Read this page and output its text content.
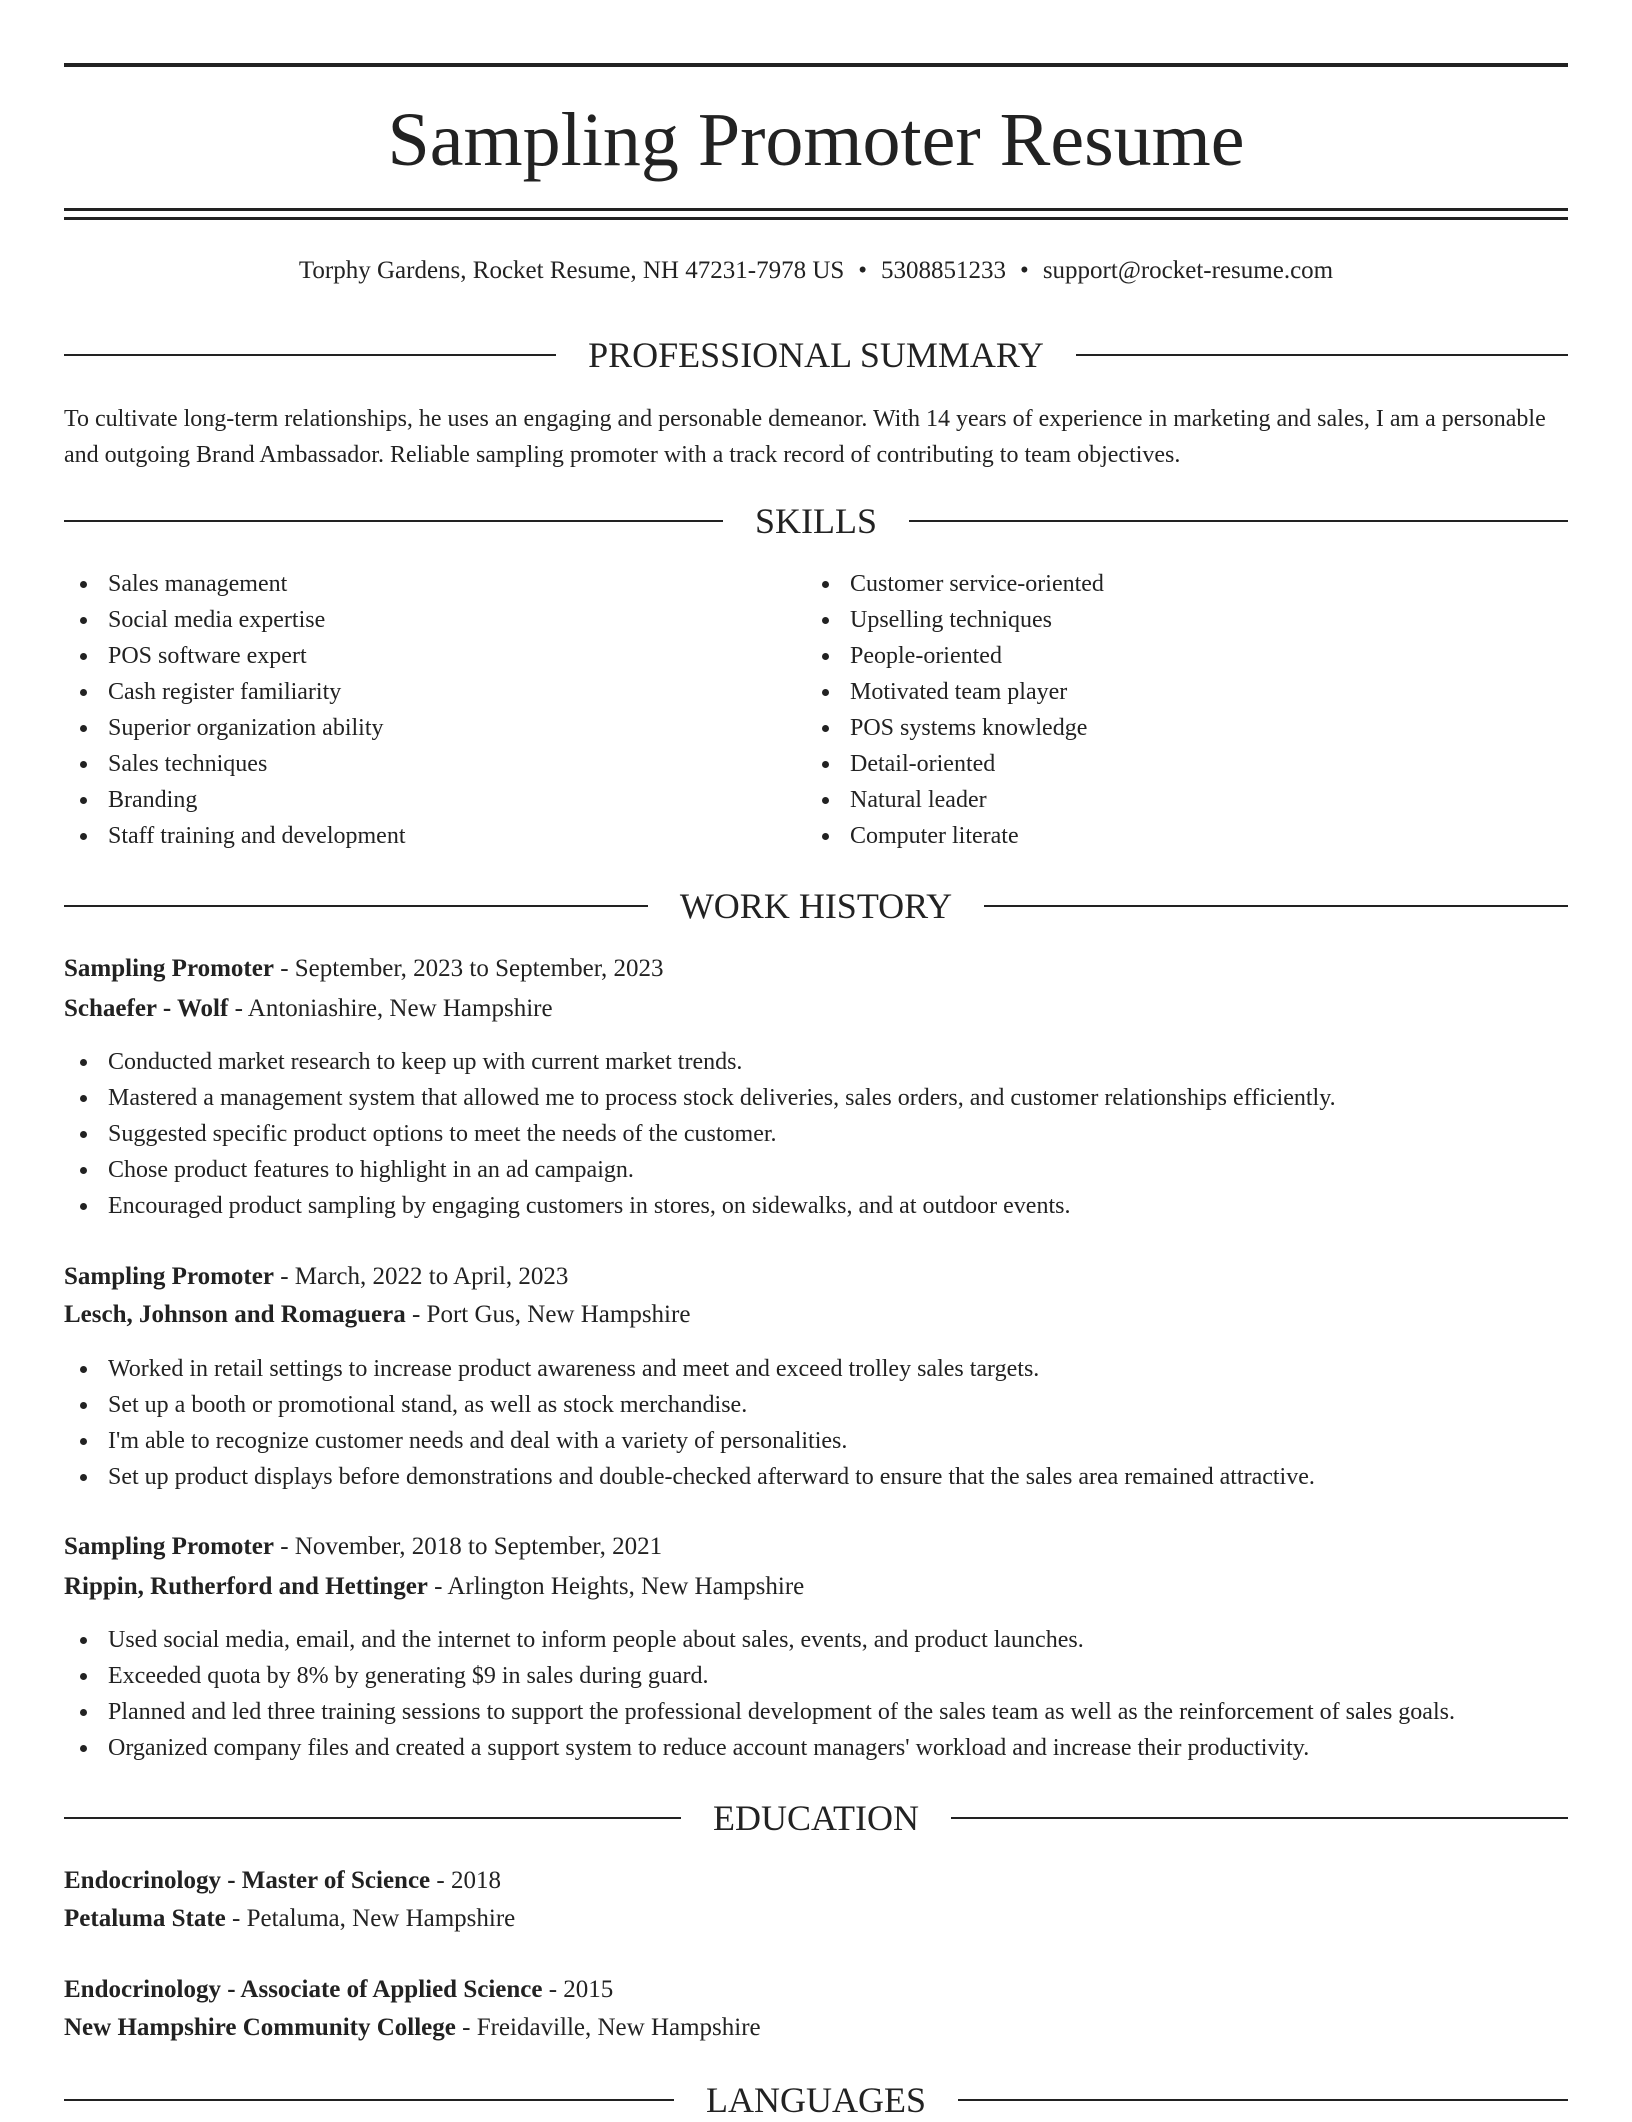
Sampling Promoter Resume
Torphy Gardens, Rocket Resume, NH 47231-7978 US • 5308851233 • support@rocket-resume.com
PROFESSIONAL SUMMARY

To cultivate long-term relationships, he uses an engaging and personable demeanor. With 14 years of experience in marketing and sales, I am a personable and outgoing Brand Ambassador. Reliable sampling promoter with a track record of contributing to team objectives.

SKILLS
Sales management
Social media expertise
POS software expert
Cash register familiarity
Superior organization ability
Sales techniques
Branding
Staff training and development
Customer service-oriented
Upselling techniques
People-oriented
Motivated team player
POS systems knowledge
Detail-oriented
Natural leader
Computer literate
WORK HISTORY
Sampling Promoter - September, 2023 to September, 2023
Schaefer - Wolf - Antoniashire, New Hampshire
Conducted market research to keep up with current market trends.
Mastered a management system that allowed me to process stock deliveries, sales orders, and customer relationships efficiently.
Suggested specific product options to meet the needs of the customer.
Chose product features to highlight in an ad campaign.
Encouraged product sampling by engaging customers in stores, on sidewalks, and at outdoor events.
Sampling Promoter - March, 2022 to April, 2023
Lesch, Johnson and Romaguera - Port Gus, New Hampshire
Worked in retail settings to increase product awareness and meet and exceed trolley sales targets.
Set up a booth or promotional stand, as well as stock merchandise.
I'm able to recognize customer needs and deal with a variety of personalities.
Set up product displays before demonstrations and double-checked afterward to ensure that the sales area remained attractive.
Sampling Promoter - November, 2018 to September, 2021
Rippin, Rutherford and Hettinger - Arlington Heights, New Hampshire
Used social media, email, and the internet to inform people about sales, events, and product launches.
Exceeded quota by 8% by generating $9 in sales during guard.
Planned and led three training sessions to support the professional development of the sales team as well as the reinforcement of sales goals.
Organized company files and created a support system to reduce account managers' workload and increase their productivity.
EDUCATION
Endocrinology - Master of Science - 2018
Petaluma State - Petaluma, New Hampshire
Endocrinology - Associate of Applied Science - 2015
New Hampshire Community College - Freidaville, New Hampshire
LANGUAGES
